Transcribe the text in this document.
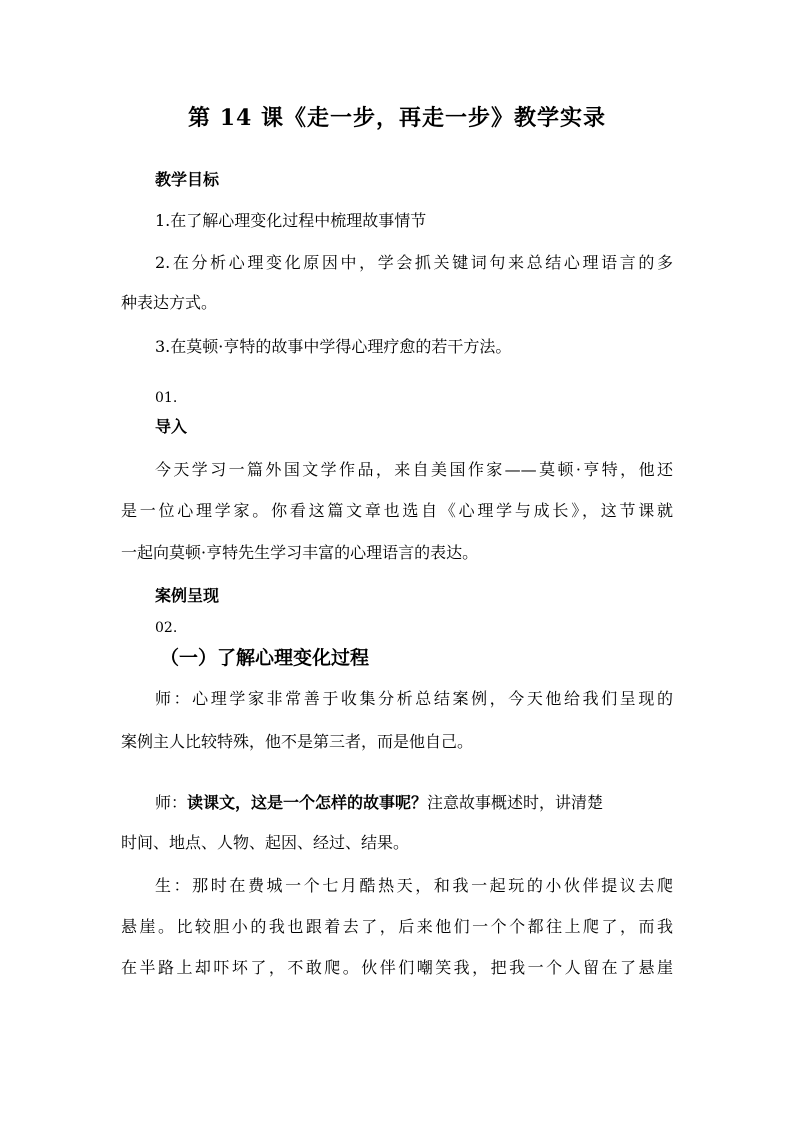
第 14 课《走一步，再走一步》教学实录
教学目标
1.在了解心理变化过程中梳理故事情节
2.在分析心理变化原因中，学会抓关键词句来总结心理语言的多
种表达方式。
3.在莫顿·亨特的故事中学得心理疗愈的若干方法。
01.
导入
今天学习一篇外国文学作品，来自美国作家——莫顿·亨特，他还
是一位心理学家。你看这篇文章也选自《心理学与成长》，这节课就
一起向莫顿·亨特先生学习丰富的心理语言的表达。
案例呈现
02.
（一）了解心理变化过程
师：心理学家非常善于收集分析总结案例，今天他给我们呈现的
案例主人比较特殊，他不是第三者，而是他自己。
师：读课文，这是一个怎样的故事呢？注意故事概述时，讲清楚
时间、地点、人物、起因、经过、结果。
生：那时在费城一个七月酷热天，和我一起玩的小伙伴提议去爬
悬崖。比较胆小的我也跟着去了，后来他们一个个都往上爬了，而我
在半路上却吓坏了，不敢爬。伙伴们嘲笑我，把我一个人留在了悬崖
